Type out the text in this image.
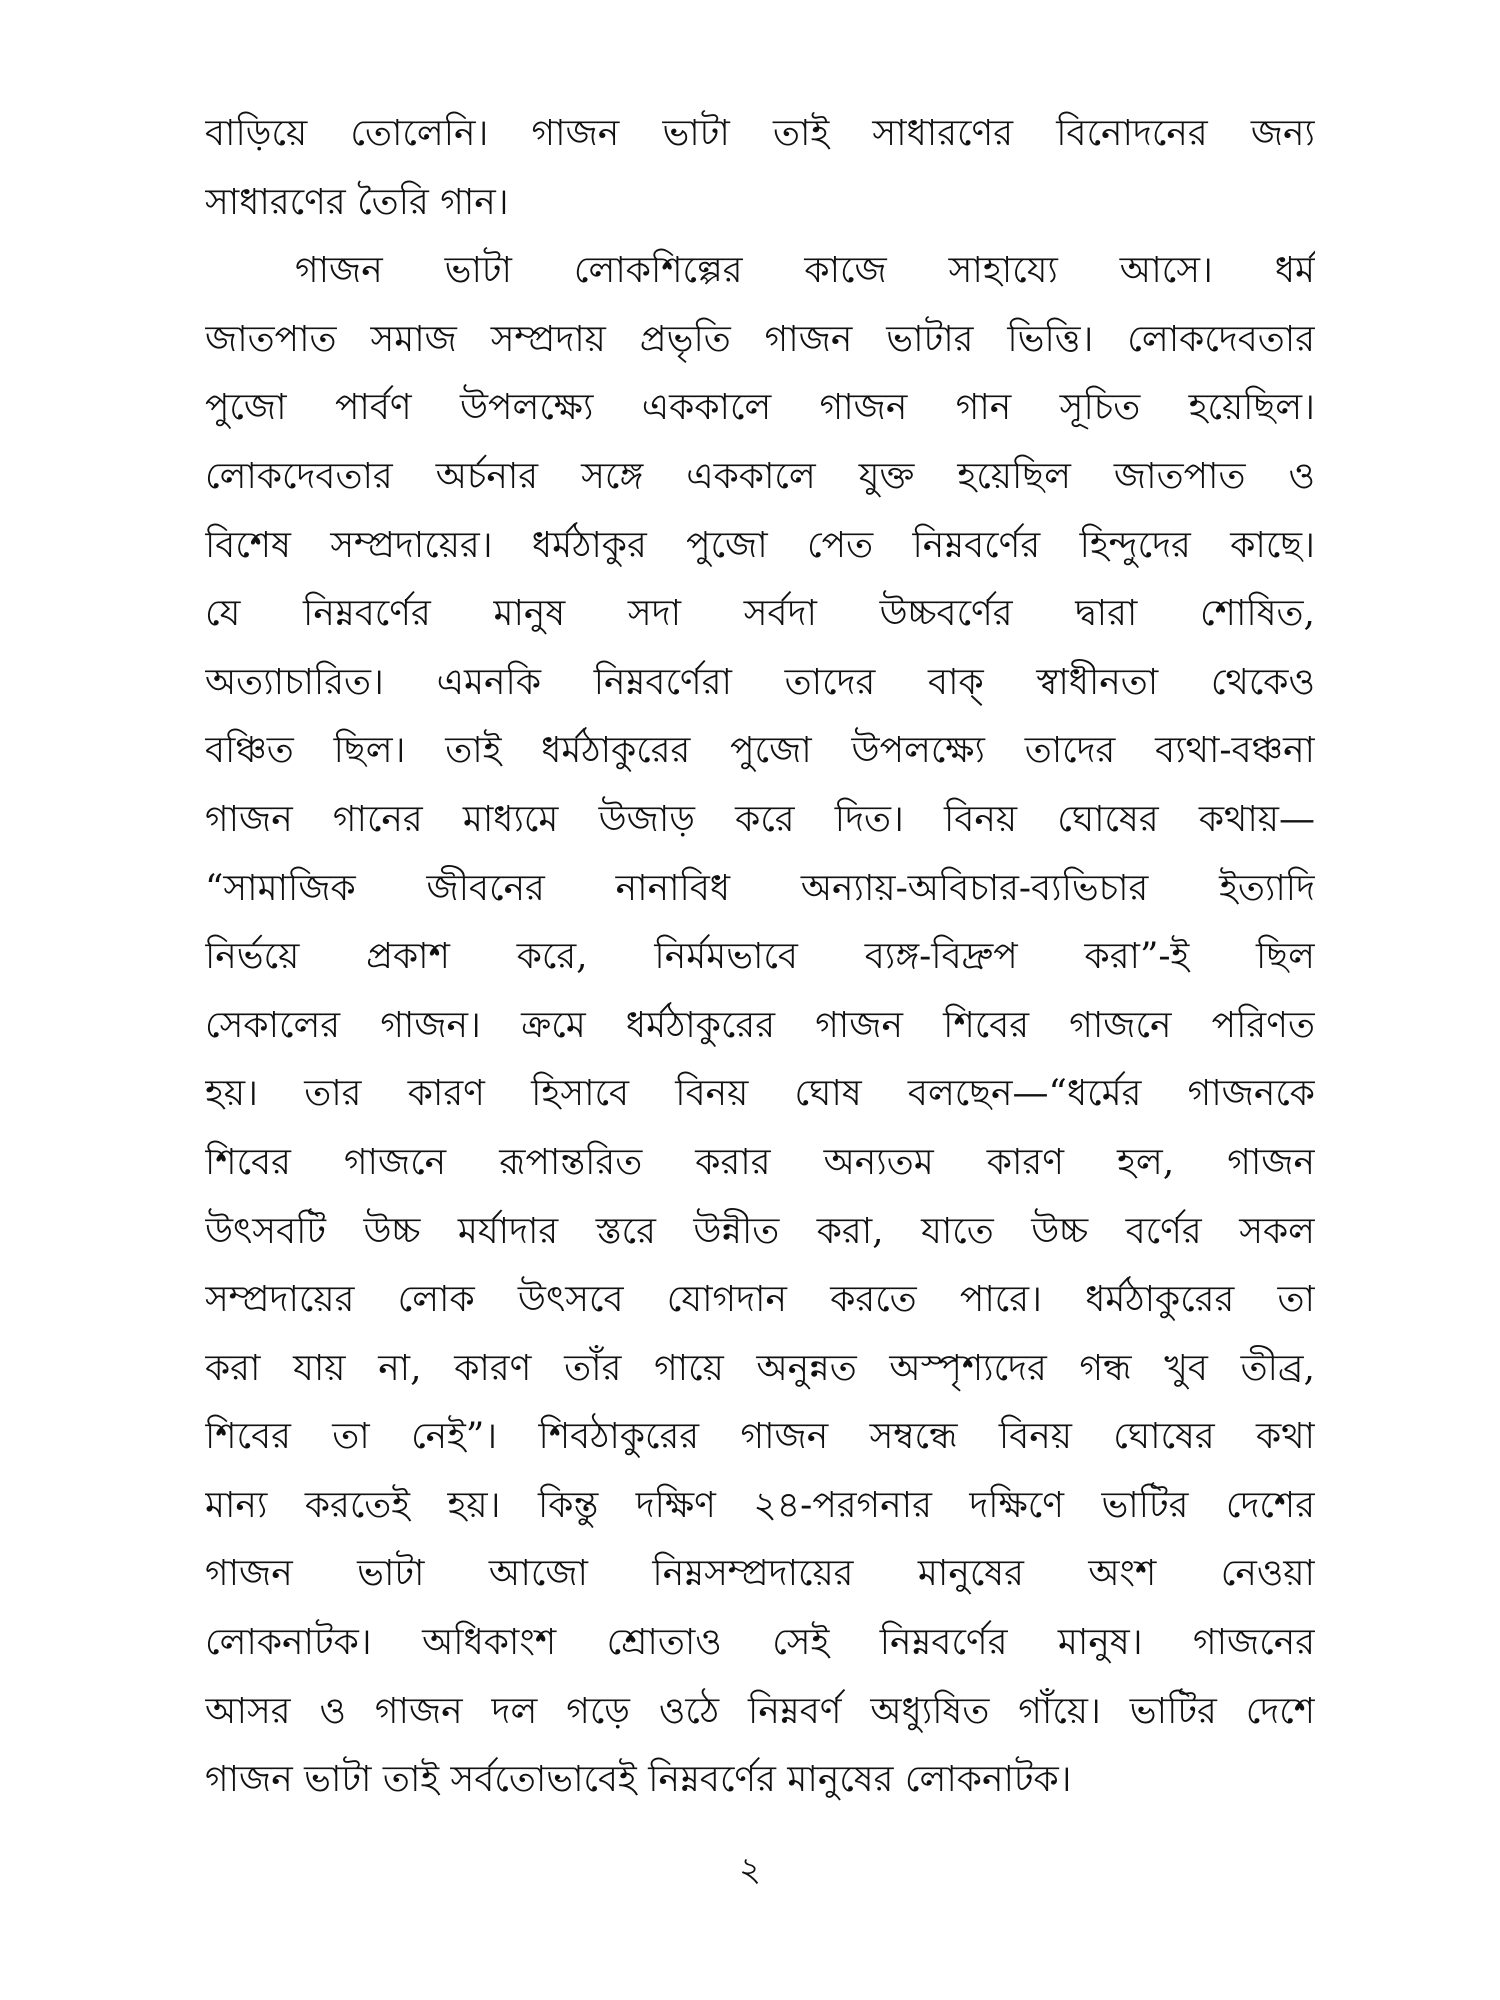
বাড়িয়ে তোলেনি। গাজন ভাটা তাই সাধারণের বিনোদনের জন্য
সাধারণের তৈরি গান।
গাজন ভাটা লোকশিল্পের কাজে সাহায্যে আসে। ধর্ম
জাতপাত সমাজ সম্প্রদায় প্রভৃতি গাজন ভাটার ভিত্তি। লোকদেবতার
পুজো পার্বণ উপলক্ষ্যে এককালে গাজন গান সূচিত হয়েছিল।
লোকদেবতার অর্চনার সঙ্গে এককালে যুক্ত হয়েছিল জাতপাত ও
বিশেষ সম্প্রদায়ের। ধর্মঠাকুর পুজো পেত নিম্নবর্ণের হিন্দুদের কাছে।
যে নিম্নবর্ণের মানুষ সদা সর্বদা উচ্চবর্ণের দ্বারা শোষিত,
অত্যাচারিত। এমনকি নিম্নবর্ণেরা তাদের বাক্ স্বাধীনতা থেকেও
বঞ্চিত ছিল। তাই ধর্মঠাকুরের পুজো উপলক্ষ্যে তাদের ব্যথা-বঞ্চনা
গাজন গানের মাধ্যমে উজাড় করে দিত। বিনয় ঘোষের কথায়—
“সামাজিক জীবনের নানাবিধ অন্যায়-অবিচার-ব্যভিচার ইত্যাদি
নির্ভয়ে প্রকাশ করে, নির্মমভাবে ব্যঙ্গ-বিদ্রুপ করা”-ই ছিল
সেকালের গাজন। ক্রমে ধর্মঠাকুরের গাজন শিবের গাজনে পরিণত
হয়। তার কারণ হিসাবে বিনয় ঘোষ বলছেন—“ধর্মের গাজনকে
শিবের গাজনে রূপান্তরিত করার অন্যতম কারণ হল, গাজন
উৎসবটি উচ্চ মর্যাদার স্তরে উন্নীত করা, যাতে উচ্চ বর্ণের সকল
সম্প্রদায়ের লোক উৎসবে যোগদান করতে পারে। ধর্মঠাকুরের তা
করা যায় না, কারণ তাঁর গায়ে অনুন্নত অস্পৃশ্যদের গন্ধ খুব তীব্র,
শিবের তা নেই”। শিবঠাকুরের গাজন সম্বন্ধে বিনয় ঘোষের কথা
মান্য করতেই হয়। কিন্তু দক্ষিণ ২৪-পরগনার দক্ষিণে ভাটির দেশের
গাজন ভাটা আজো নিম্নসম্প্রদায়ের মানুষের অংশ নেওয়া
লোকনাটক। অধিকাংশ শ্রোতাও সেই নিম্নবর্ণের মানুষ। গাজনের
আসর ও গাজন দল গড়ে ওঠে নিম্নবর্ণ অধ্যুষিত গাঁয়ে। ভাটির দেশে
গাজন ভাটা তাই সর্বতোভাবেই নিম্নবর্ণের মানুষের লোকনাটক।
২
